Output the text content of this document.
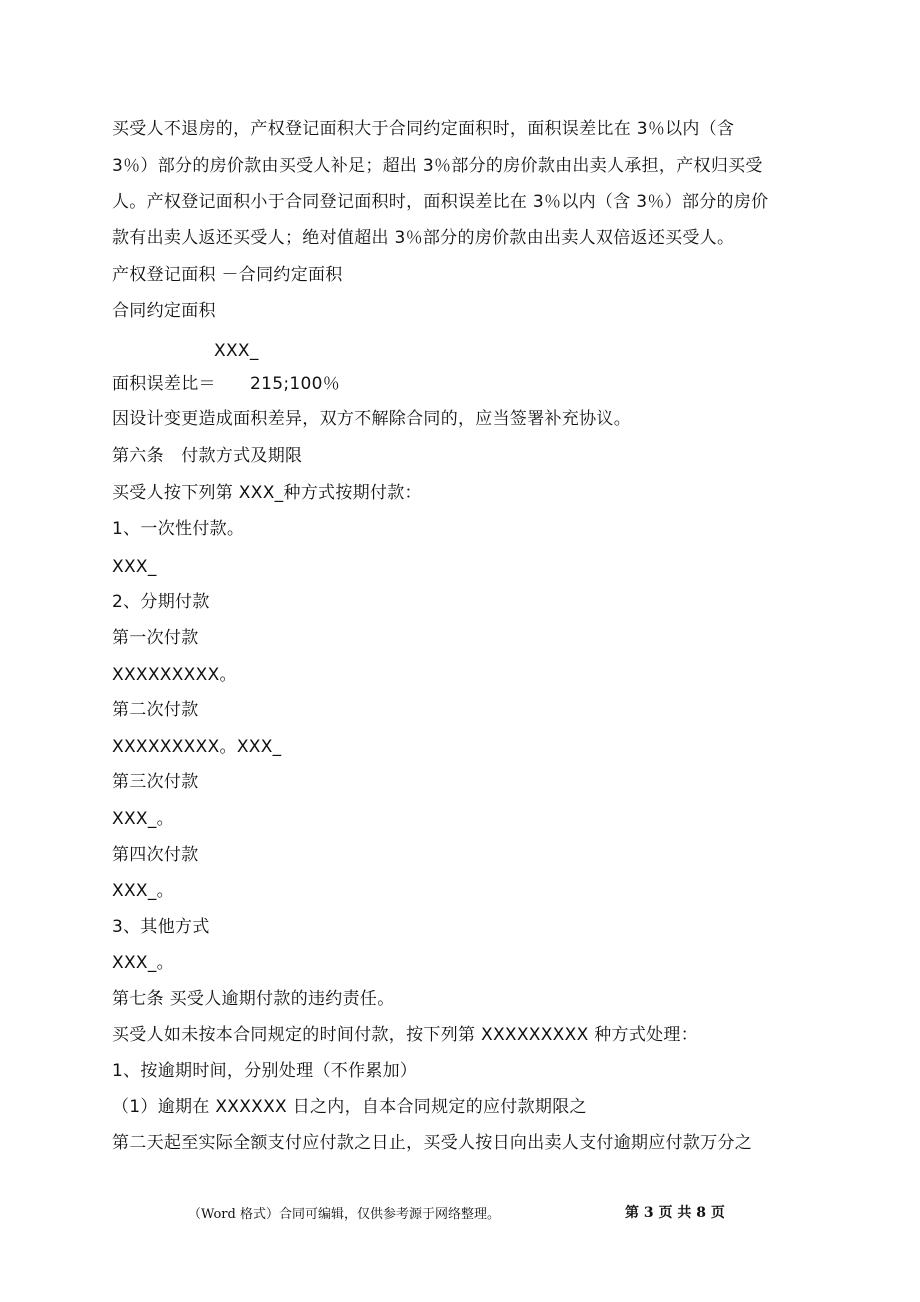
买受人不退房的，产权登记面积大于合同约定面积时，面积误差比在 3％以内（含
3％）部分的房价款由买受人补足；超出 3％部分的房价款由出卖人承担，产权归买受
人。产权登记面积小于合同登记面积时，面积误差比在 3％以内（含 3％）部分的房价
款有出卖人返还买受人；绝对值超出 3％部分的房价款由出卖人双倍返还买受人。
产权登记面积 －合同约定面积
合同约定面积
XXX_
面积误差比＝ 215;100％
因设计变更造成面积差异，双方不解除合同的，应当签署补充协议。
第六条　付款方式及期限
买受人按下列第 XXX_种方式按期付款：
1、一次性付款。
XXX_
2、分期付款
第一次付款
XXXXXXXXX。
第二次付款
XXXXXXXXX。XXX_
第三次付款
XXX_。
第四次付款
XXX_。
3、其他方式
XXX_。
第七条 买受人逾期付款的违约责任。
买受人如未按本合同规定的时间付款，按下列第 XXXXXXXXX 种方式处理：
1、按逾期时间，分别处理（不作累加）
（1）逾期在 XXXXXX 日之内，自本合同规定的应付款期限之
第二天起至实际全额支付应付款之日止，买受人按日向出卖人支付逾期应付款万分之
（Word 格式）合同可编辑，仅供参考源于网络整理。	第 3 页 共 8 页
